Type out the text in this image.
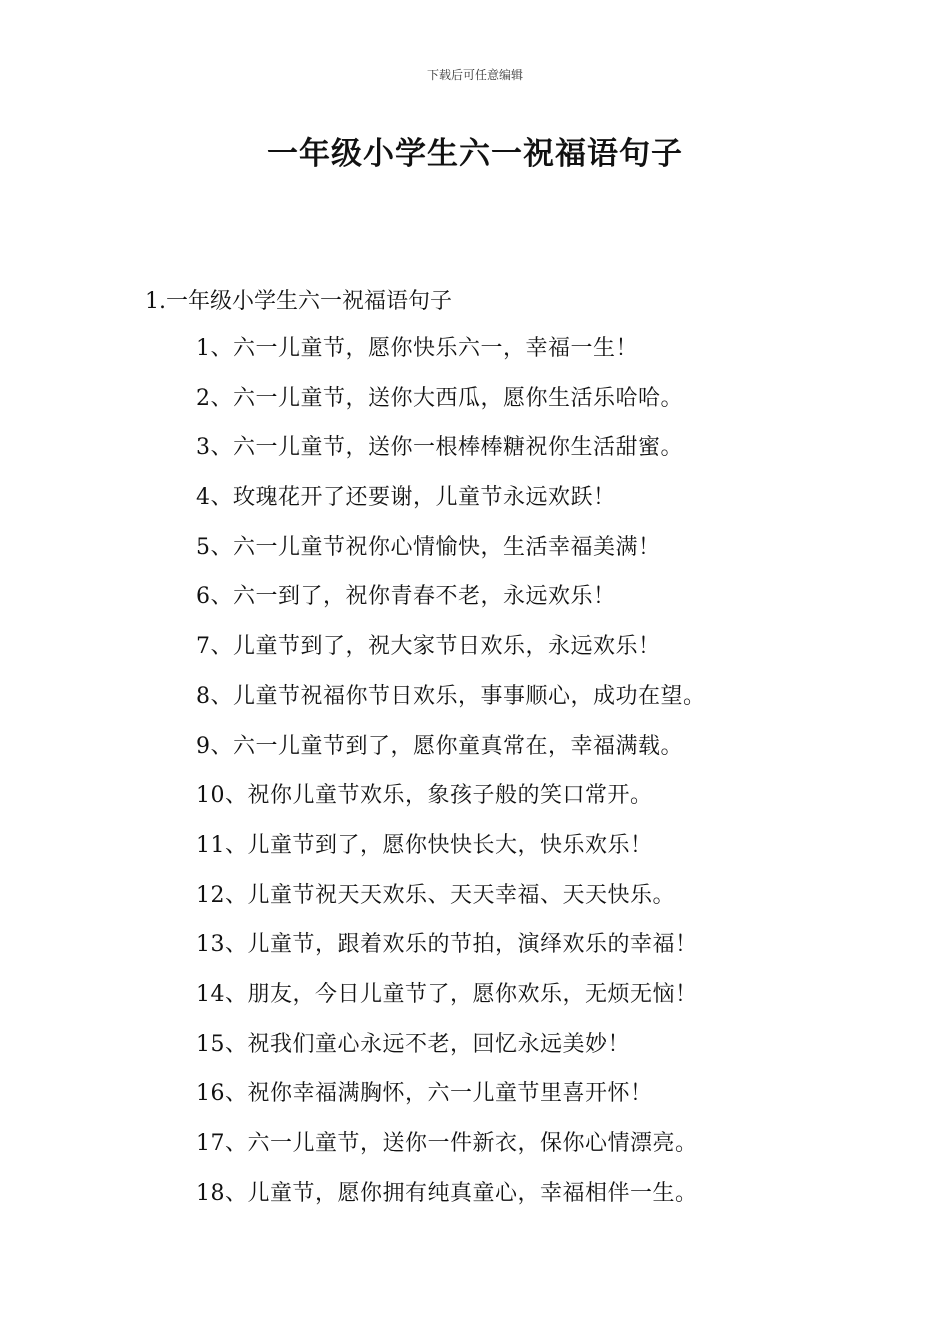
下载后可任意编辑
一年级小学生六一祝福语句子
1.一年级小学生六一祝福语句子
1、六一儿童节，愿你快乐六一，幸福一生！
2、六一儿童节，送你大西瓜，愿你生活乐哈哈。
3、六一儿童节，送你一根棒棒糖祝你生活甜蜜。
4、玫瑰花开了还要谢，儿童节永远欢跃！
5、六一儿童节祝你心情愉快，生活幸福美满！
6、六一到了，祝你青春不老，永远欢乐！
7、儿童节到了，祝大家节日欢乐，永远欢乐！
8、儿童节祝福你节日欢乐，事事顺心，成功在望。
9、六一儿童节到了，愿你童真常在，幸福满载。
10、祝你儿童节欢乐，象孩子般的笑口常开。
11、儿童节到了，愿你快快长大，快乐欢乐！
12、儿童节祝天天欢乐、天天幸福、天天快乐。
13、儿童节，跟着欢乐的节拍，演绎欢乐的幸福！
14、朋友，今日儿童节了，愿你欢乐，无烦无恼！
15、祝我们童心永远不老，回忆永远美妙！
16、祝你幸福满胸怀，六一儿童节里喜开怀！
17、六一儿童节，送你一件新衣，保你心情漂亮。
18、儿童节，愿你拥有纯真童心，幸福相伴一生。
